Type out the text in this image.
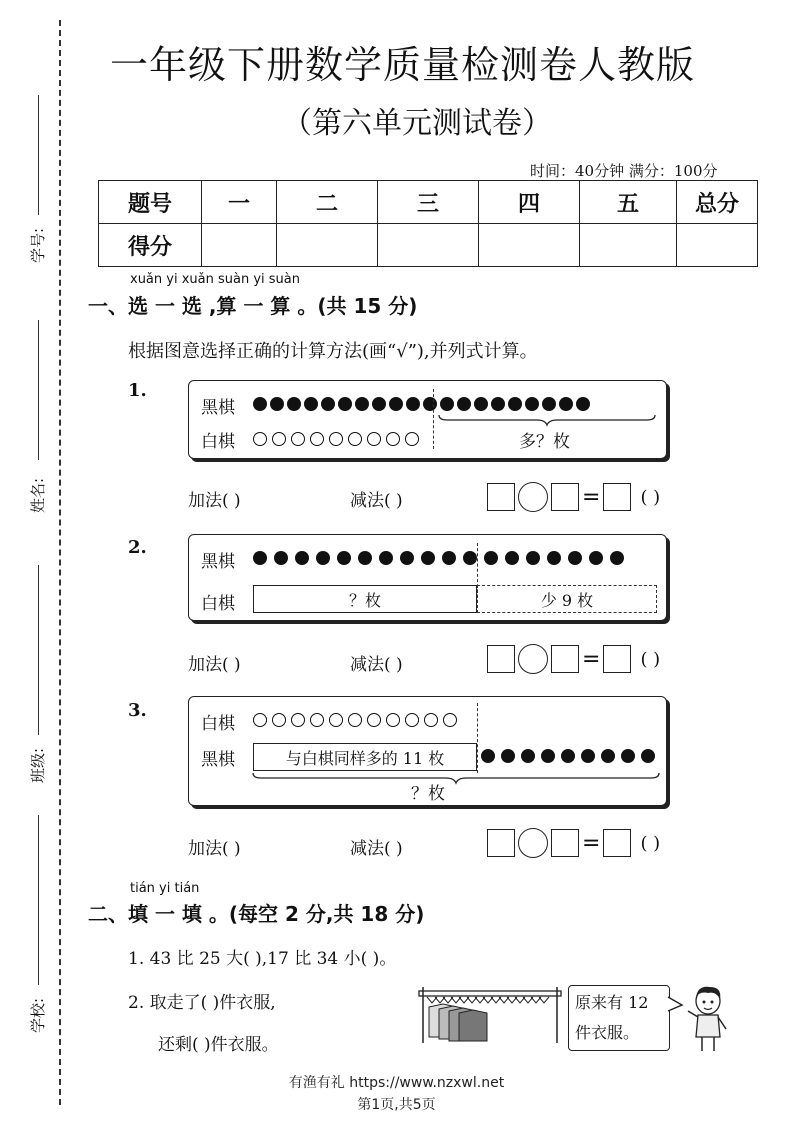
学号:
姓名:
班级:
学校:
一年级下册数学质量检测卷人教版
（第六单元测试卷）
时间：40分钟 满分：100分
题号	一	二	三	四	五	总分
得分						
xuǎn yi xuǎn suàn yi suàn
一、选 一 选 ,算 一 算 。(共 15 分)
根据图意选择正确的计算方法(画“√”),并列式计算。
1.
黑棋
白棋	多？枚
加法( )	减法( )	= ( )
2.
黑棋
白棋	？枚	少 9 枚
加法( )	减法( )	= ( )
3.
白棋
黑棋	与白棋同样多的 11 枚
？枚
加法( )	减法( )	= ( )
tián yi tián
二、填 一 填 。(每空 2 分,共 18 分)
1. 43 比 25 大( ),17 比 34 小( )。
2. 取走了( )件衣服,
还剩( )件衣服。
原来有 12
件衣服。
有渔有礼 https://www.nzxwl.net
第1页,共5页
